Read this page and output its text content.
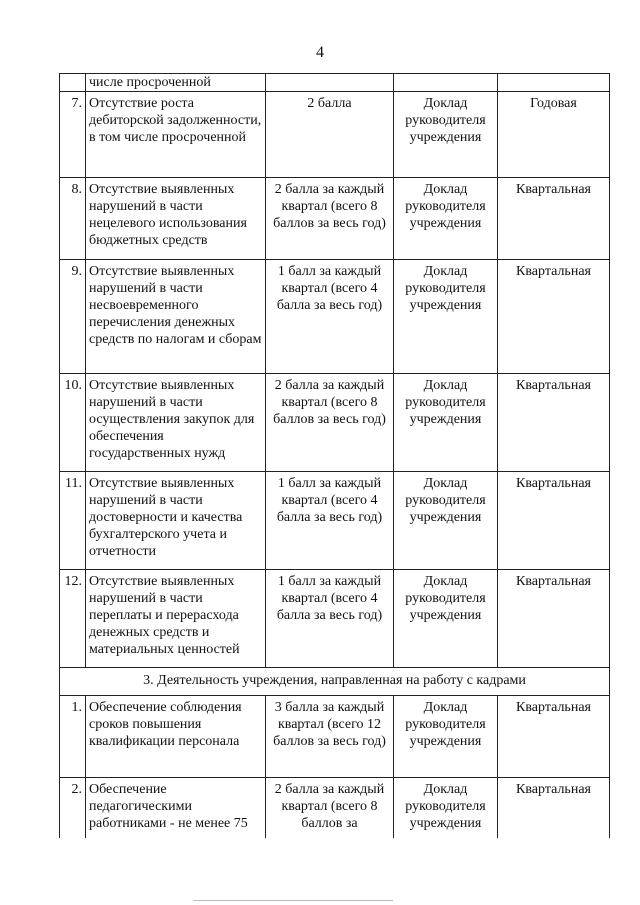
4
	числе просроченной			
7.	Отсутствие роста дебиторской задолженности, в том числе просроченной	2 балла	Доклад руководителя учреждения	Годовая
8.	Отсутствие выявленных нарушений в части нецелевого использования бюджетных средств	2 балла за каждый квартал (всего 8 баллов за весь год)	Доклад руководителя учреждения	Квартальная
9.	Отсутствие выявленных нарушений в части несвоевременного перечисления денежных средств по налогам и сборам	1 балл за каждый квартал (всего 4 балла за весь год)	Доклад руководителя учреждения	Квартальная
10.	Отсутствие выявленных нарушений в части осуществления закупок для обеспечения государственных нужд	2 балла за каждый квартал (всего 8 баллов за весь год)	Доклад руководителя учреждения	Квартальная
11.	Отсутствие выявленных нарушений в части достоверности и качества бухгалтерского учета и отчетности	1 балл за каждый квартал (всего 4 балла за весь год)	Доклад руководителя учреждения	Квартальная
12.	Отсутствие выявленных нарушений в части переплаты и перерасхода денежных средств и материальных ценностей	1 балл за каждый квартал (всего 4 балла за весь год)	Доклад руководителя учреждения	Квартальная
3. Деятельность учреждения, направленная на работу с кадрами				
1.	Обеспечение соблюдения сроков повышения квалификации персонала	3 балла за каждый квартал (всего 12 баллов за весь год)	Доклад руководителя учреждения	Квартальная
2.	Обеспечение педагогическими работниками - не менее 75	2 балла за каждый квартал (всего 8 баллов за	Доклад руководителя учреждения	Квартальная
